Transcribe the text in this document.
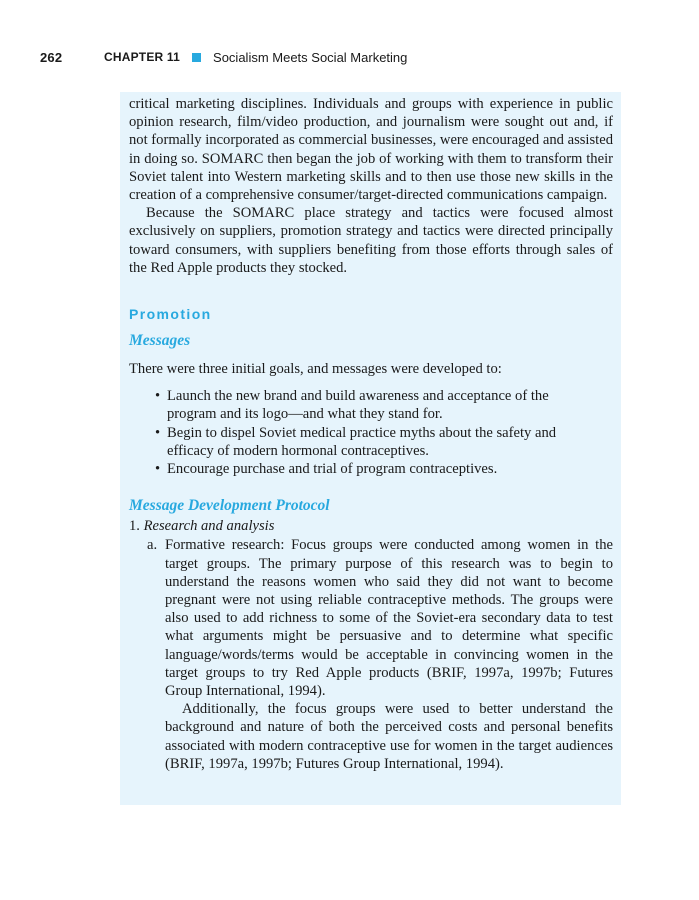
262	CHAPTER 11	Socialism Meets Social Marketing

critical marketing disciplines. Individuals and groups with experience in public opinion research, film/video production, and journalism were sought out and, if not formally incorporated as commercial businesses, were encouraged and assisted in doing so. SOMARC then began the job of working with them to transform their Soviet talent into Western marketing skills and to then use those new skills in the creation of a comprehensive consumer/target-directed communications campaign.

Because the SOMARC place strategy and tactics were focused almost exclusively on suppliers, promotion strategy and tactics were directed principally toward consumers, with suppliers benefiting from those efforts through sales of the Red Apple products they stocked.

Promotion
Messages

There were three initial goals, and messages were developed to:

• Launch the new brand and build awareness and acceptance of the program and its logo—and what they stand for.
• Begin to dispel Soviet medical practice myths about the safety and efficacy of modern hormonal contraceptives.
• Encourage purchase and trial of program contraceptives.
Message Development Protocol
1. Research and analysis
a. Formative research: Focus groups were conducted among women in the target groups. The primary purpose of this research was to begin to understand the reasons women who said they did not want to become pregnant were not using reliable contraceptive methods. The groups were also used to add richness to some of the Soviet-era secondary data to test what arguments might be persuasive and to determine what specific language/words/terms would be acceptable in convincing women in the target groups to try Red Apple products (BRIF, 1997a, 1997b; Futures Group International, 1994).

Additionally, the focus groups were used to better understand the background and nature of both the perceived costs and personal benefits associated with modern contraceptive use for women in the target audiences (BRIF, 1997a, 1997b; Futures Group International, 1994).
